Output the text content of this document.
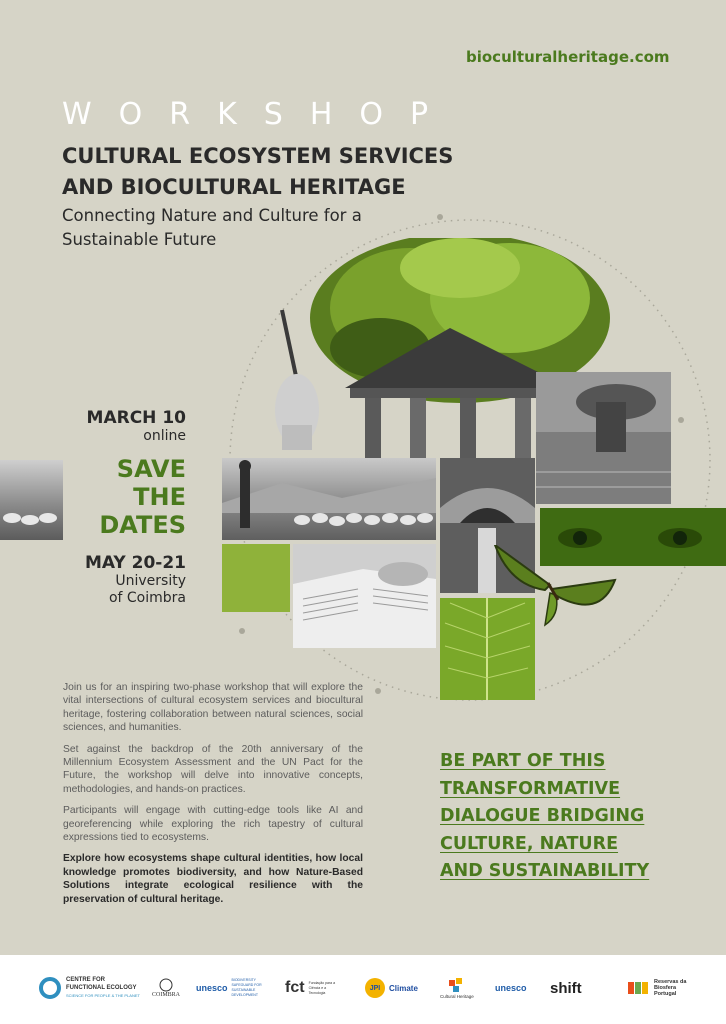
bioculturalheritage.com
WORKSHOP
CULTURAL ECOSYSTEM SERVICES AND BIOCULTURAL HERITAGE
Connecting Nature and Culture for a Sustainable Future
MARCH 10
online
SAVE
THE
DATES
MAY 20-21
University
of Coimbra

Join us for an inspiring two-phase workshop that will explore the vital intersections of cultural ecosystem services and biocultural heritage, fostering collaboration between natural sciences, social sciences, and humanities.

Set against the backdrop of the 20th anniversary of the Millennium Ecosystem Assessment and the UN Pact for the Future, the workshop will delve into innovative concepts, methodologies, and hands-on practices.

Participants will engage with cutting-edge tools like AI and georeferencing while exploring the rich tapestry of cultural expressions tied to ecosystems.

Explore how ecosystems shape cultural identities, how local knowledge promotes biodiversity, and how Nature-Based Solutions integrate ecological resilience with the preservation of cultural heritage.

BE PART OF THIS
TRANSFORMATIVE
DIALOGUE BRIDGING
CULTURE, NATURE
AND SUSTAINABILITY
CENTRE FOR FUNCTIONAL ECOLOGY
SCIENCE FOR PEOPLE & THE PLANET	COIMBRA
unesco
BIODIVERSITY SAFEGUARD FOR SUSTAINABLE DEVELOPMENT	fct Fundação para a Ciência e a Tecnologia
JPI	Climate
Cultural Heritage
unesco shift	Reservas da Biosfera Portugal
